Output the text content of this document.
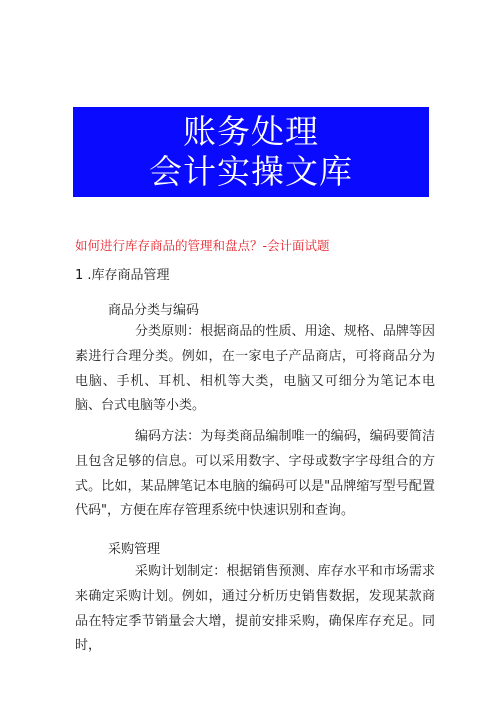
账务处理
会计实操文库
如何进行库存商品的管理和盘点？-会计面试题
1 .库存商品管理
商品分类与编码

分类原则：根据商品的性质、用途、规格、品牌等因素进行合理分类。例如，在一家电子产品商店，可将商品分为电脑、手机、耳机、相机等大类，电脑又可细分为笔记本电脑、台式电脑等小类。

编码方法：为每类商品编制唯一的编码，编码要简洁且包含足够的信息。可以采用数字、字母或数字字母组合的方式。比如，某品牌笔记本电脑的编码可以是"品牌缩写型号配置代码"，方便在库存管理系统中快速识别和查询。

采购管理

采购计划制定：根据销售预测、库存水平和市场需求来确定采购计划。例如，通过分析历史销售数据，发现某款商品在特定季节销量会大增，提前安排采购，确保库存充足。同时，
